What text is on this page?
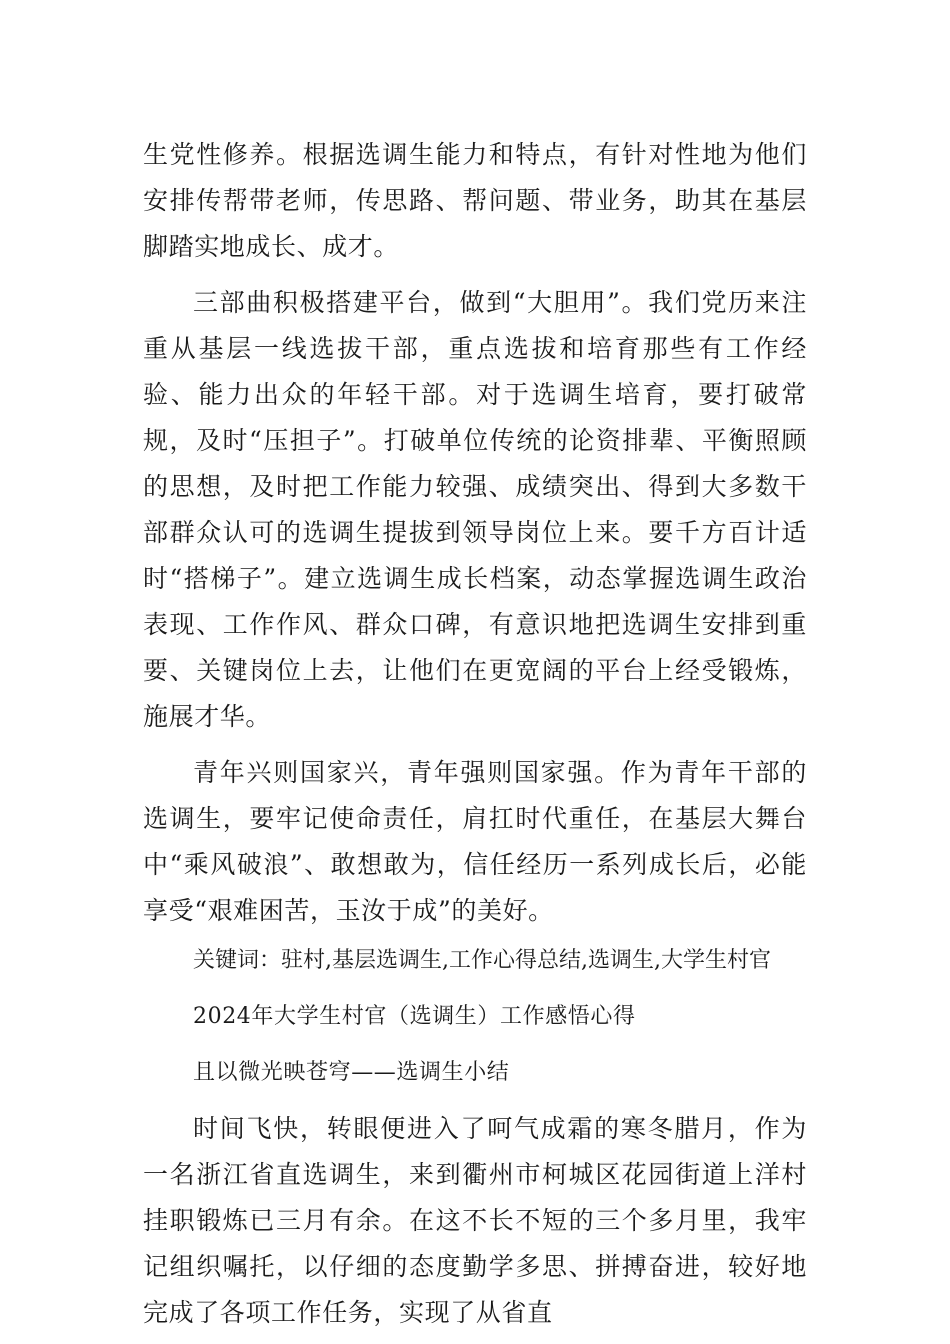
生党性修养。根据选调生能力和特点，有针对性地为他们安排传帮带老师，传思路、帮问题、带业务，助其在基层脚踏实地成长、成才。

三部曲积极搭建平台，做到“大胆用”。我们党历来注重从基层一线选拔干部，重点选拔和培育那些有工作经验、能力出众的年轻干部。对于选调生培育，要打破常规，及时“压担子”。打破单位传统的论资排辈、平衡照顾的思想，及时把工作能力较强、成绩突出、得到大多数干部群众认可的选调生提拔到领导岗位上来。要千方百计适时“搭梯子”。建立选调生成长档案，动态掌握选调生政治表现、工作作风、群众口碑，有意识地把选调生安排到重要、关键岗位上去，让他们在更宽阔的平台上经受锻炼，施展才华。

青年兴则国家兴，青年强则国家强。作为青年干部的选调生，要牢记使命责任，肩扛时代重任，在基层大舞台中“乘风破浪”、敢想敢为，信任经历一系列成长后，必能享受“艰难困苦，玉汝于成”的美好。

关键词：驻村,基层选调生,工作心得总结,选调生,大学生村官

2024年大学生村官（选调生）工作感悟心得

且以微光映苍穹——选调生小结

时间飞快，转眼便进入了呵气成霜的寒冬腊月，作为一名浙江省直选调生，来到衢州市柯城区花园街道上洋村挂职锻炼已三月有余。在这不长不短的三个多月里，我牢记组织嘱托，以仔细的态度勤学多思、拼搏奋进，较好地完成了各项工作任务，实现了从省直
